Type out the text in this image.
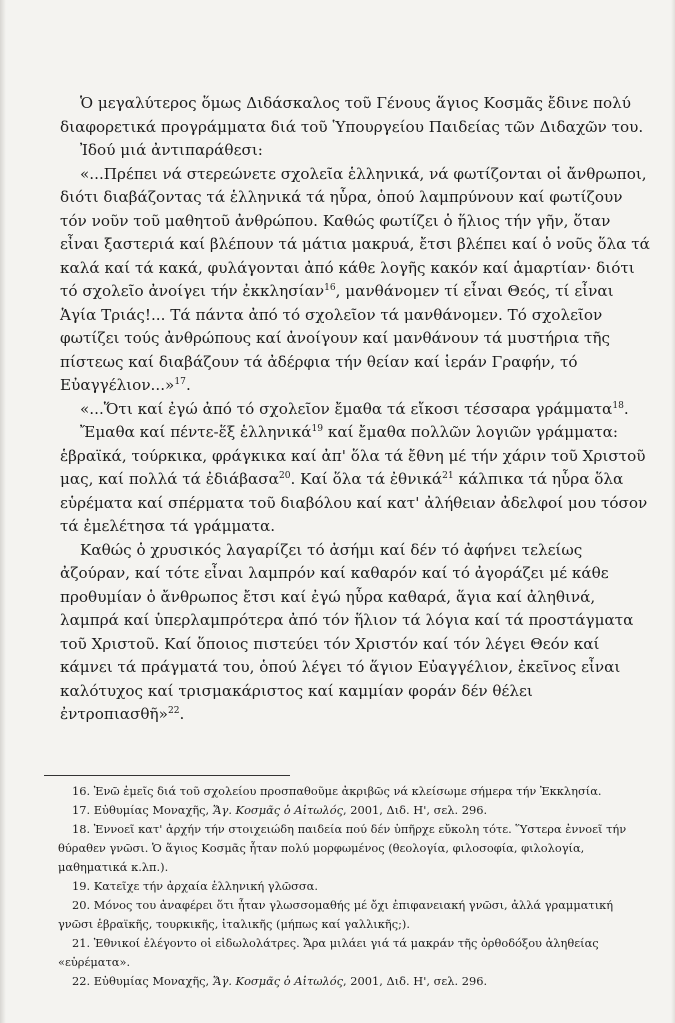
Ὁ μεγαλύτερος ὅμως Διδάσκαλος τοῦ Γένους ἅγιος Κοσμᾶς ἔδινε πολύ διαφορετικά προγράμματα διά τοῦ Ὑπουργείου Παιδείας τῶν Διδαχῶν του.

Ἰδού μιά ἀντιπαράθεσι:

«...Πρέπει νά στερεώνετε σχολεῖα ἑλληνικά, νά φωτίζονται οἱ ἄνθρωποι, διότι διαβάζοντας τά ἑλληνικά τά ηὗρα, ὁπού λαμπρύνουν καί φωτίζουν τόν νοῦν τοῦ μαθητοῦ ἀνθρώπου. Καθώς φωτίζει ὁ ἥλιος τήν γῆν, ὅταν εἶναι ξαστεριά καί βλέπουν τά μάτια μακρυά, ἔτσι βλέπει καί ὁ νοῦς ὅλα τά καλά καί τά κακά, φυλάγονται ἀπό κάθε λογῆς κακόν καί ἁμαρτίαν· διότι τό σχολεῖο ἀνοίγει τήν ἐκκλησίαν$^{16}$, μανθάνομεν τί εἶναι Θεός, τί εἶναι Ἁγία Τριάς!... Τά πάντα ἀπό τό σχολεῖον τά μανθάνομεν. Τό σχολεῖον φωτίζει τούς ἀνθρώπους καί ἀνοίγουν καί μανθάνουν τά μυστήρια τῆς πίστεως καί διαβάζουν τά ἀδέρφια τήν θείαν καί ἱεράν Γραφήν, τό Εὐαγγέλιον...»$^{17}$.

«...Ὅτι καί ἐγώ ἀπό τό σχολεῖον ἔμαθα τά εἴκοσι τέσσαρα γράμματα$^{18}$.

Ἔμαθα καί πέντε-ἕξ ἑλληνικά$^{19}$ καί ἔμαθα πολλῶν λογιῶν γράμματα: ἑβραϊκά, τούρκικα, φράγκικα καί ἀπ' ὅλα τά ἔθνη μέ τήν χάριν τοῦ Χριστοῦ μας, καί πολλά τά ἐδιάβασα$^{20}$. Καί ὅλα τά ἐθνικά$^{21}$ κάλπικα τά ηὗρα ὅλα εὑρέματα καί σπέρματα τοῦ διαβόλου καί κατ' ἀλήθειαν ἀδελφοί μου τόσον τά ἐμελέτησα τά γράμματα.

Καθώς ὁ χρυσικός λαγαρίζει τό ἀσήμι καί δέν τό ἀφήνει τελείως ἀζούραν, καί τότε εἶναι λαμπρόν καί καθαρόν καί τό ἀγοράζει μέ κάθε προθυμίαν ὁ ἄνθρωπος ἔτσι καί ἐγώ ηὗρα καθαρά, ἅγια καί ἀληθινά, λαμπρά καί ὑπερλαμπρότερα ἀπό τόν ἥλιον τά λόγια καί τά προστάγματα τοῦ Χριστοῦ. Καί ὅποιος πιστεύει τόν Χριστόν καί τόν λέγει Θεόν καί κάμνει τά πράγματά του, ὁπού λέγει τό ἅγιον Εὐαγγέλιον, ἐκεῖνος εἶναι καλότυχος καί τρισμακάριστος καί καμμίαν φοράν δέν θέλει ἐντροπιασθῆ»$^{22}$.

16. Ἐνῶ ἐμεῖς διά τοῦ σχολείου προσπαθοῦμε ἀκριβῶς νά κλείσωμε σήμερα τήν Ἐκκλησία.
17. Εὐθυμίας Μοναχῆς, Ἅγ. Κοσμᾶς ὁ Αἰτωλός, 2001, Διδ. Η', σελ. 296.
18. Ἐννοεῖ κατ' ἀρχήν τήν στοιχειώδη παιδεία πού δέν ὑπῆρχε εὔκολη τότε. Ὕστερα ἐννοεῖ τήν θύραθεν γνῶσι. Ὁ ἅγιος Κοσμᾶς ἦταν πολύ μορφωμένος (θεολογία, φιλοσοφία, φιλολογία, μαθηματικά κ.λπ.).
19. Κατεῖχε τήν ἀρχαία ἑλληνική γλῶσσα.
20. Μόνος του ἀναφέρει ὅτι ἦταν γλωσσομαθής μέ ὄχι ἐπιφανειακή γνῶσι, ἀλλά γραμματική γνῶσι ἑβραϊκῆς, τουρκικῆς, ἰταλικῆς (μήπως καί γαλλικῆς;).
21. Ἐθνικοί ἐλέγοντο οἱ εἰδωλολάτρες. Ἄρα μιλάει γιά τά μακράν τῆς ὀρθοδόξου ἀληθείας «εὑρέματα».
22. Εὐθυμίας Μοναχῆς, Ἅγ. Κοσμᾶς ὁ Αἰτωλός, 2001, Διδ. Η', σελ. 296.
